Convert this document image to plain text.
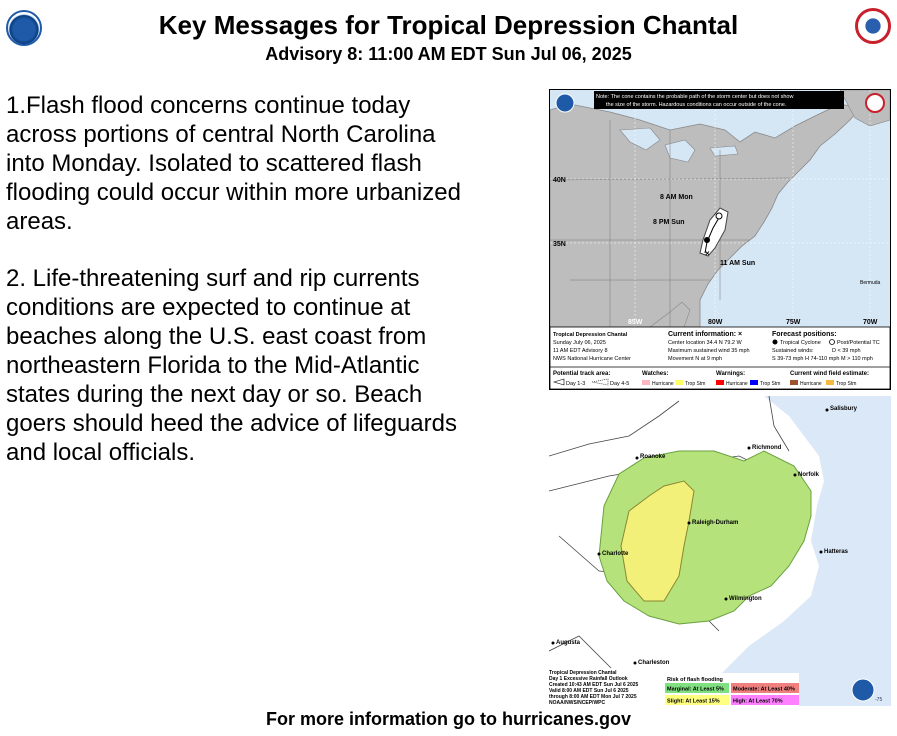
Key Messages for Tropical Depression Chantal
Advisory 8: 11:00 AM EDT Sun Jul 06, 2025
1.Flash flood concerns continue today across portions of central North Carolina into Monday. Isolated to scattered flash flooding could occur within more urbanized areas.
2. Life-threatening surf and rip currents conditions are expected to continue at beaches along the U.S. east coast from northeastern Florida to the Mid-Atlantic states during the next day or so. Beach goers should heed the advice of lifeguards and local officials.
×
Note: The cone contains the probable path of the storm center but does not show
the size of the storm. Hazardous conditions can occur outside of the cone.
40N
35N
85W	80W	75W	70W
8 AM Mon
8 PM Sun
11 AM Sun
Bermuda
Tropical Depression Chantal
Sunday July 06, 2025
11 AM EDT Advisory 8
NWS National Hurricane Center
Current information: ×
Center location 34.4 N 79.2 W
Maximum sustained wind 35 mph
Movement N at 9 mph
Forecast positions:
Tropical Cyclone	Post/Potential TC
Sustained winds:	D < 39 mph
S 39-73 mph H 74-110 mph M > 110 mph
Potential track area:
Day 1-3	Day 4-5
Watches:
Hurricane Trop Stm
Warnings:
Hurricane Trop Stm
Current wind field estimate:
Hurricane	Trop Stm
Salisbury
Roanoke
Richmond
Norfolk
Raleigh-Durham
Charlotte	Hatteras
Wilmington
Augusta
Charleston
Tropical Depression Chantal
Day 1 Excessive Rainfall Outlook
Created 10:43 AM EDT Sun Jul 6 2025
Valid 8:00 AM EDT Sun Jul 6 2025
through 8:00 AM EDT Mon Jul 7 2025
NOAA/NWS/NCEP/WPC
Risk of flash flooding
Marginal: At Least 5% Moderate: At Least 40%
Slight: At Least 15% High: At Least 70%	-75
For more information go to hurricanes.gov
